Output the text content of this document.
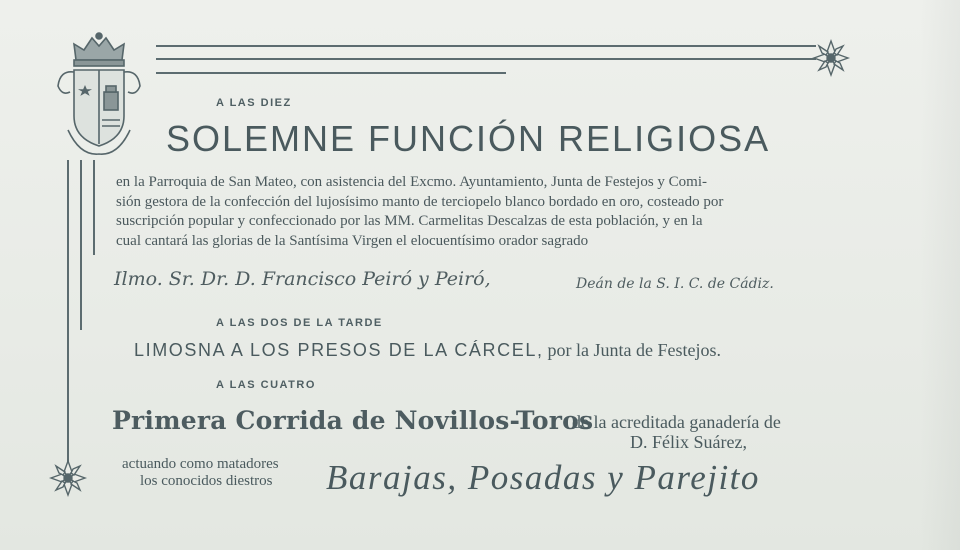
A LAS DIEZ
SOLEMNE FUNCIÓN RELIGIOSA
en la Parroquia de San Mateo, con asistencia del Excmo. Ayuntamiento, Junta de Festejos y Comi-
sión gestora de la confección del lujosísimo manto de terciopelo blanco bordado en oro, costeado por
suscripción popular y confeccionado por las MM. Carmelitas Descalzas de esta población, y en la
cual cantará las glorias de la Santísima Virgen el elocuentísimo orador sagrado
Ilmo. Sr. Dr. D. Francisco Peiró y Peiró,	Deán de la S. I. C. de Cádiz.
A LAS DOS DE LA TARDE
LIMOSNA A LOS PRESOS DE LA CÁRCEL, por la Junta de Festejos.
A LAS CUATRO
Primera Corrida de Novillos-Toros
de la acreditada ganadería de
D. Félix Suárez,
actuando como matadores
los conocidos diestros Barajas, Posadas y Parejito
